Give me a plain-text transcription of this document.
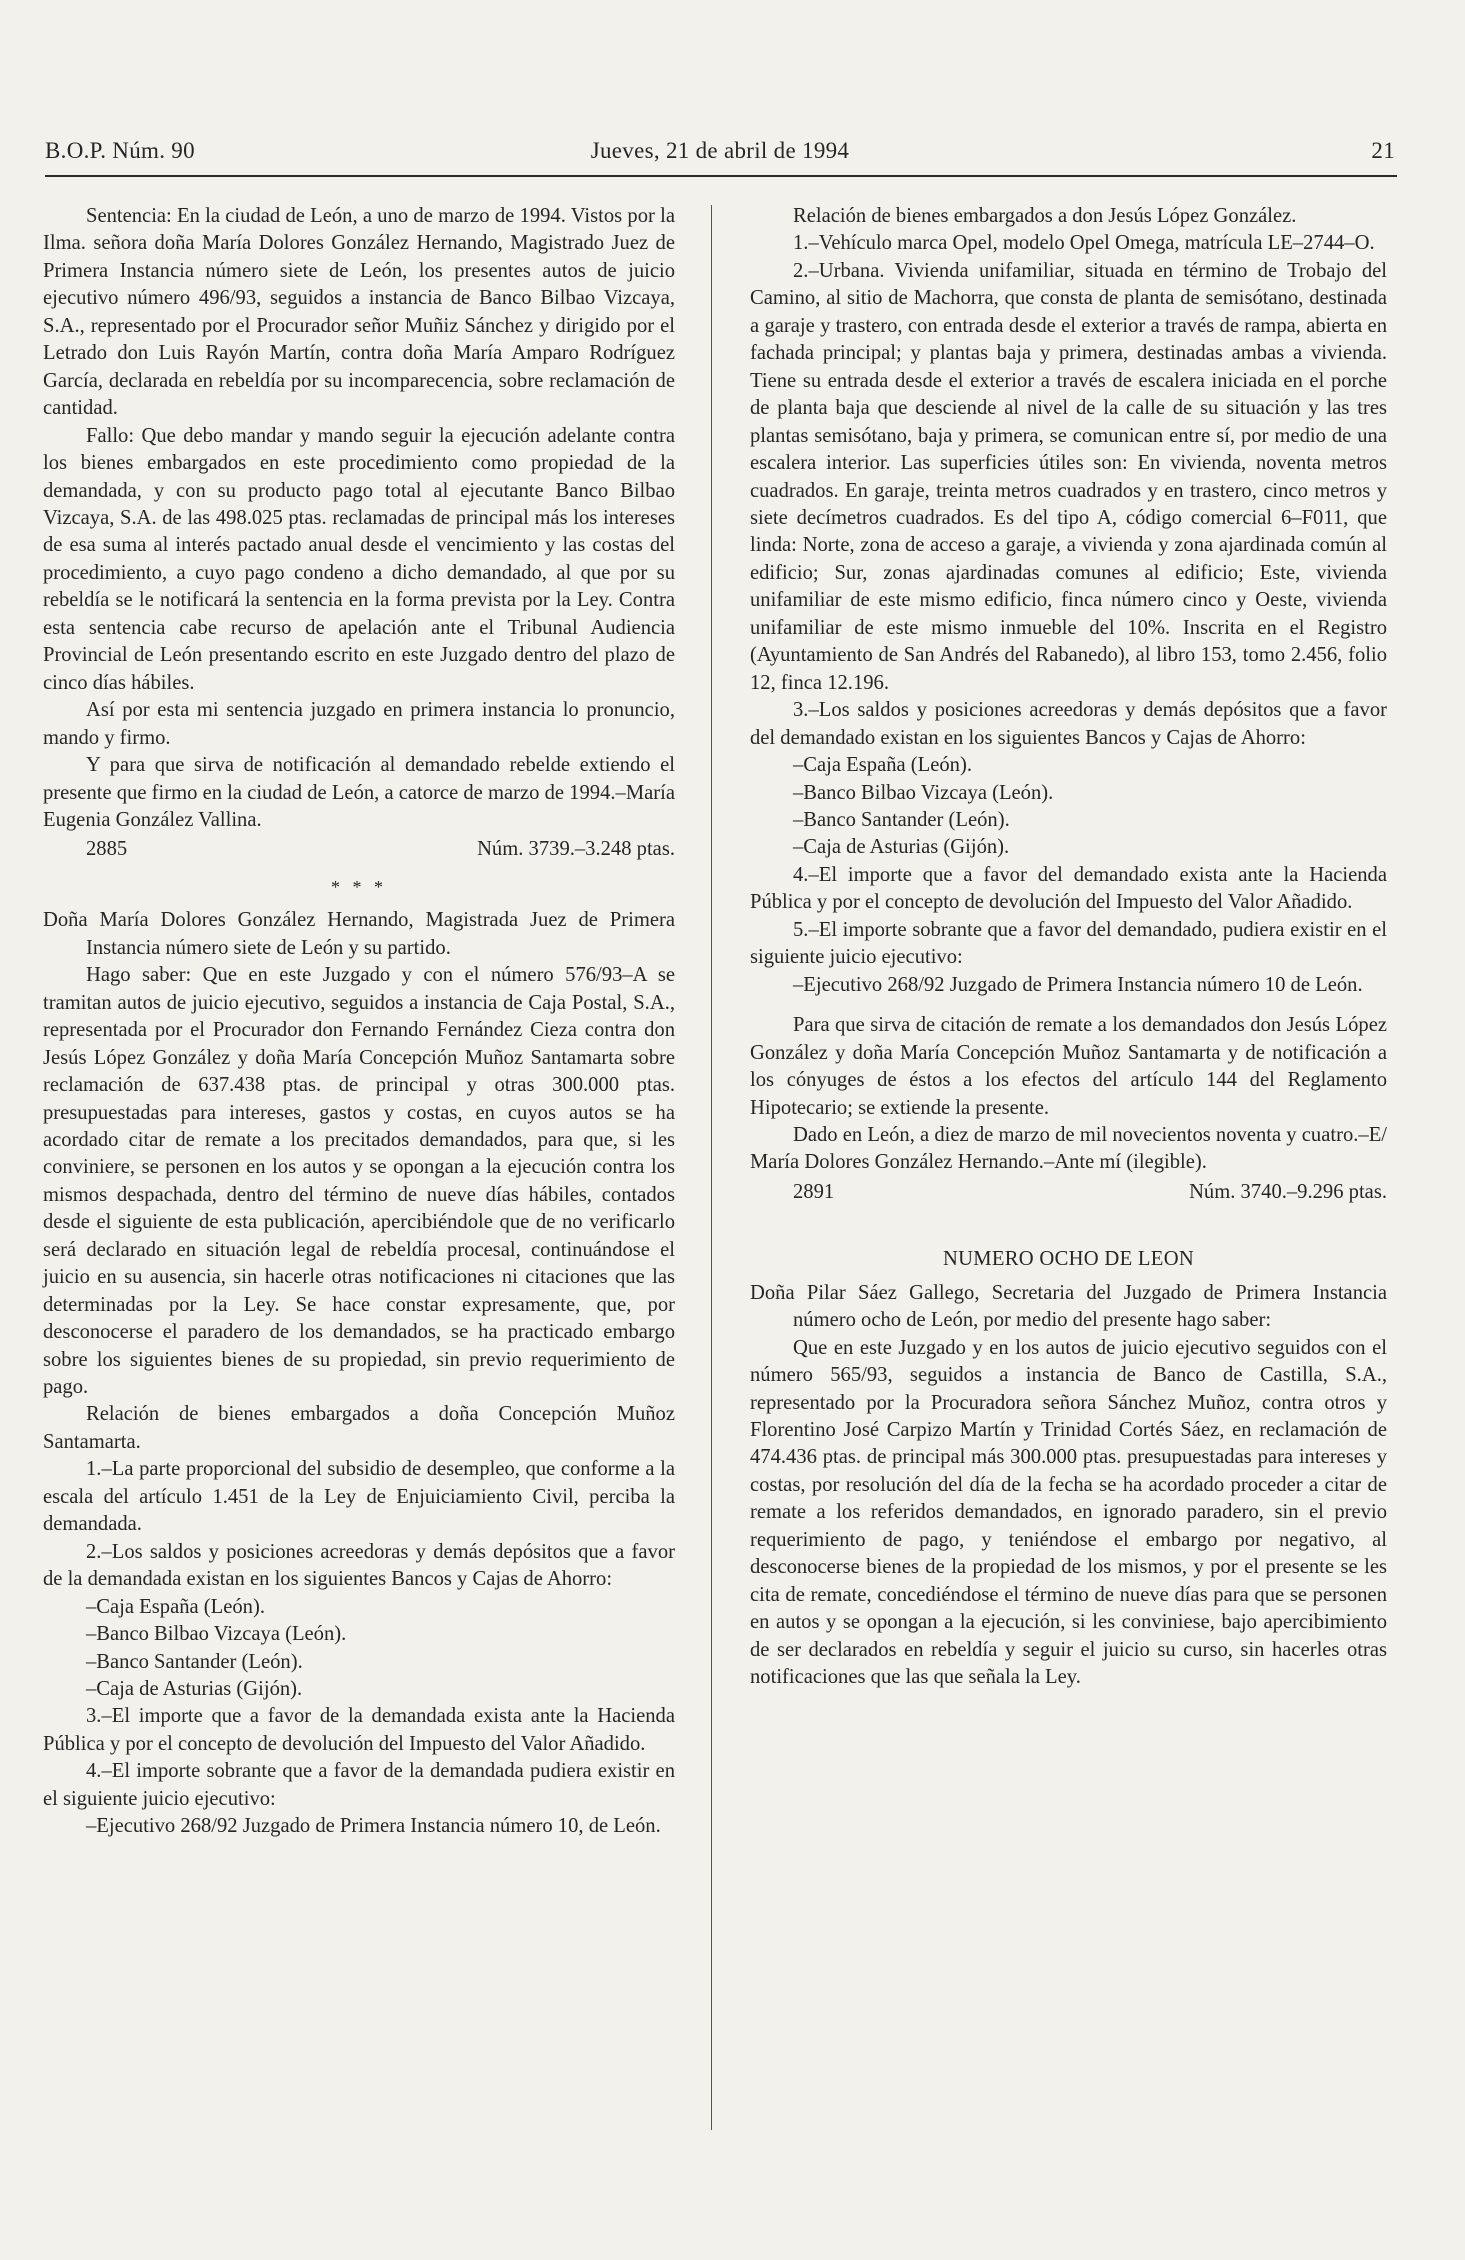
B.O.P. Núm. 90	Jueves, 21 de abril de 1994	21

Sentencia: En la ciudad de León, a uno de marzo de 1994. Vistos por la Ilma. señora doña María Dolores González Hernando, Magistrado Juez de Primera Instancia número siete de León, los presentes autos de juicio ejecutivo número 496/93, seguidos a instancia de Banco Bilbao Vizcaya, S.A., representado por el Procurador señor Muñiz Sánchez y dirigido por el Letrado don Luis Rayón Martín, contra doña María Amparo Rodríguez García, declarada en rebeldía por su incomparecencia, sobre reclamación de cantidad.

Fallo: Que debo mandar y mando seguir la ejecución adelante contra los bienes embargados en este procedimiento como propiedad de la demandada, y con su producto pago total al ejecutante Banco Bilbao Vizcaya, S.A. de las 498.025 ptas. reclamadas de principal más los intereses de esa suma al interés pactado anual desde el vencimiento y las costas del procedimiento, a cuyo pago condeno a dicho demandado, al que por su rebeldía se le notificará la sentencia en la forma prevista por la Ley. Contra esta sentencia cabe recurso de apelación ante el Tribunal Audiencia Provincial de León presentando escrito en este Juzgado dentro del plazo de cinco días hábiles.

Así por esta mi sentencia juzgado en primera instancia lo pronuncio, mando y firmo.

Y para que sirva de notificación al demandado rebelde extiendo el presente que firmo en la ciudad de León, a catorce de marzo de 1994.–María Eugenia González Vallina.

2885	Núm. 3739.–3.248 ptas.
* * *

Doña María Dolores González Hernando, Magistrada Juez de Primera Instancia número siete de León y su partido.

Hago saber: Que en este Juzgado y con el número 576/93–A se tramitan autos de juicio ejecutivo, seguidos a instancia de Caja Postal, S.A., representada por el Procurador don Fernando Fernández Cieza contra don Jesús López González y doña María Concepción Muñoz Santamarta sobre reclamación de 637.438 ptas. de principal y otras 300.000 ptas. presupuestadas para intereses, gastos y costas, en cuyos autos se ha acordado citar de remate a los precitados demandados, para que, si les conviniere, se personen en los autos y se opongan a la ejecución contra los mismos despachada, dentro del término de nueve días hábiles, contados desde el siguiente de esta publicación, apercibiéndole que de no verificarlo será declarado en situación legal de rebeldía procesal, continuándose el juicio en su ausencia, sin hacerle otras notificaciones ni citaciones que las determinadas por la Ley. Se hace constar expresamente, que, por desconocerse el paradero de los demandados, se ha practicado embargo sobre los siguientes bienes de su propiedad, sin previo requerimiento de pago.

Relación de bienes embargados a doña Concepción Muñoz Santamarta.

1.–La parte proporcional del subsidio de desempleo, que conforme a la escala del artículo 1.451 de la Ley de Enjuiciamiento Civil, perciba la demandada.

2.–Los saldos y posiciones acreedoras y demás depósitos que a favor de la demandada existan en los siguientes Bancos y Cajas de Ahorro:

–Caja España (León).

–Banco Bilbao Vizcaya (León).

–Banco Santander (León).

–Caja de Asturias (Gijón).

3.–El importe que a favor de la demandada exista ante la Hacienda Pública y por el concepto de devolución del Impuesto del Valor Añadido.

4.–El importe sobrante que a favor de la demandada pudiera existir en el siguiente juicio ejecutivo:

–Ejecutivo 268/92 Juzgado de Primera Instancia número 10, de León.

Relación de bienes embargados a don Jesús López González.

1.–Vehículo marca Opel, modelo Opel Omega, matrícula LE–2744–O.

2.–Urbana. Vivienda unifamiliar, situada en término de Trobajo del Camino, al sitio de Machorra, que consta de planta de semisótano, destinada a garaje y trastero, con entrada desde el exterior a través de rampa, abierta en fachada principal; y plantas baja y primera, destinadas ambas a vivienda. Tiene su entrada desde el exterior a través de escalera iniciada en el porche de planta baja que desciende al nivel de la calle de su situación y las tres plantas semisótano, baja y primera, se comunican entre sí, por medio de una escalera interior. Las superficies útiles son: En vivienda, noventa metros cuadrados. En garaje, treinta metros cuadrados y en trastero, cinco metros y siete decímetros cuadrados. Es del tipo A, código comercial 6–F011, que linda: Norte, zona de acceso a garaje, a vivienda y zona ajardinada común al edificio; Sur, zonas ajardinadas comunes al edificio; Este, vivienda unifamiliar de este mismo edificio, finca número cinco y Oeste, vivienda unifamiliar de este mismo inmueble del 10%. Inscrita en el Registro (Ayuntamiento de San Andrés del Rabanedo), al libro 153, tomo 2.456, folio 12, finca 12.196.

3.–Los saldos y posiciones acreedoras y demás depósitos que a favor del demandado existan en los siguientes Bancos y Cajas de Ahorro:

–Caja España (León).

–Banco Bilbao Vizcaya (León).

–Banco Santander (León).

–Caja de Asturias (Gijón).

4.–El importe que a favor del demandado exista ante la Hacienda Pública y por el concepto de devolución del Impuesto del Valor Añadido.

5.–El importe sobrante que a favor del demandado, pudiera existir en el siguiente juicio ejecutivo:

–Ejecutivo 268/92 Juzgado de Primera Instancia número 10 de León.

Para que sirva de citación de remate a los demandados don Jesús López González y doña María Concepción Muñoz Santamarta y de notificación a los cónyuges de éstos a los efectos del artículo 144 del Reglamento Hipotecario; se extiende la presente.

Dado en León, a diez de marzo de mil novecientos noventa y cuatro.–E/ María Dolores González Hernando.–Ante mí (ilegible).

2891	Núm. 3740.–9.296 ptas.
NUMERO OCHO DE LEON

Doña Pilar Sáez Gallego, Secretaria del Juzgado de Primera Instancia número ocho de León, por medio del presente hago saber:

Que en este Juzgado y en los autos de juicio ejecutivo seguidos con el número 565/93, seguidos a instancia de Banco de Castilla, S.A., representado por la Procuradora señora Sánchez Muñoz, contra otros y Florentino José Carpizo Martín y Trinidad Cortés Sáez, en reclamación de 474.436 ptas. de principal más 300.000 ptas. presupuestadas para intereses y costas, por resolución del día de la fecha se ha acordado proceder a citar de remate a los referidos demandados, en ignorado paradero, sin el previo requerimiento de pago, y teniéndose el embargo por negativo, al desconocerse bienes de la propiedad de los mismos, y por el presente se les cita de remate, concediéndose el término de nueve días para que se personen en autos y se opongan a la ejecución, si les conviniese, bajo apercibimiento de ser declarados en rebeldía y seguir el juicio su curso, sin hacerles otras notificaciones que las que señala la Ley.
